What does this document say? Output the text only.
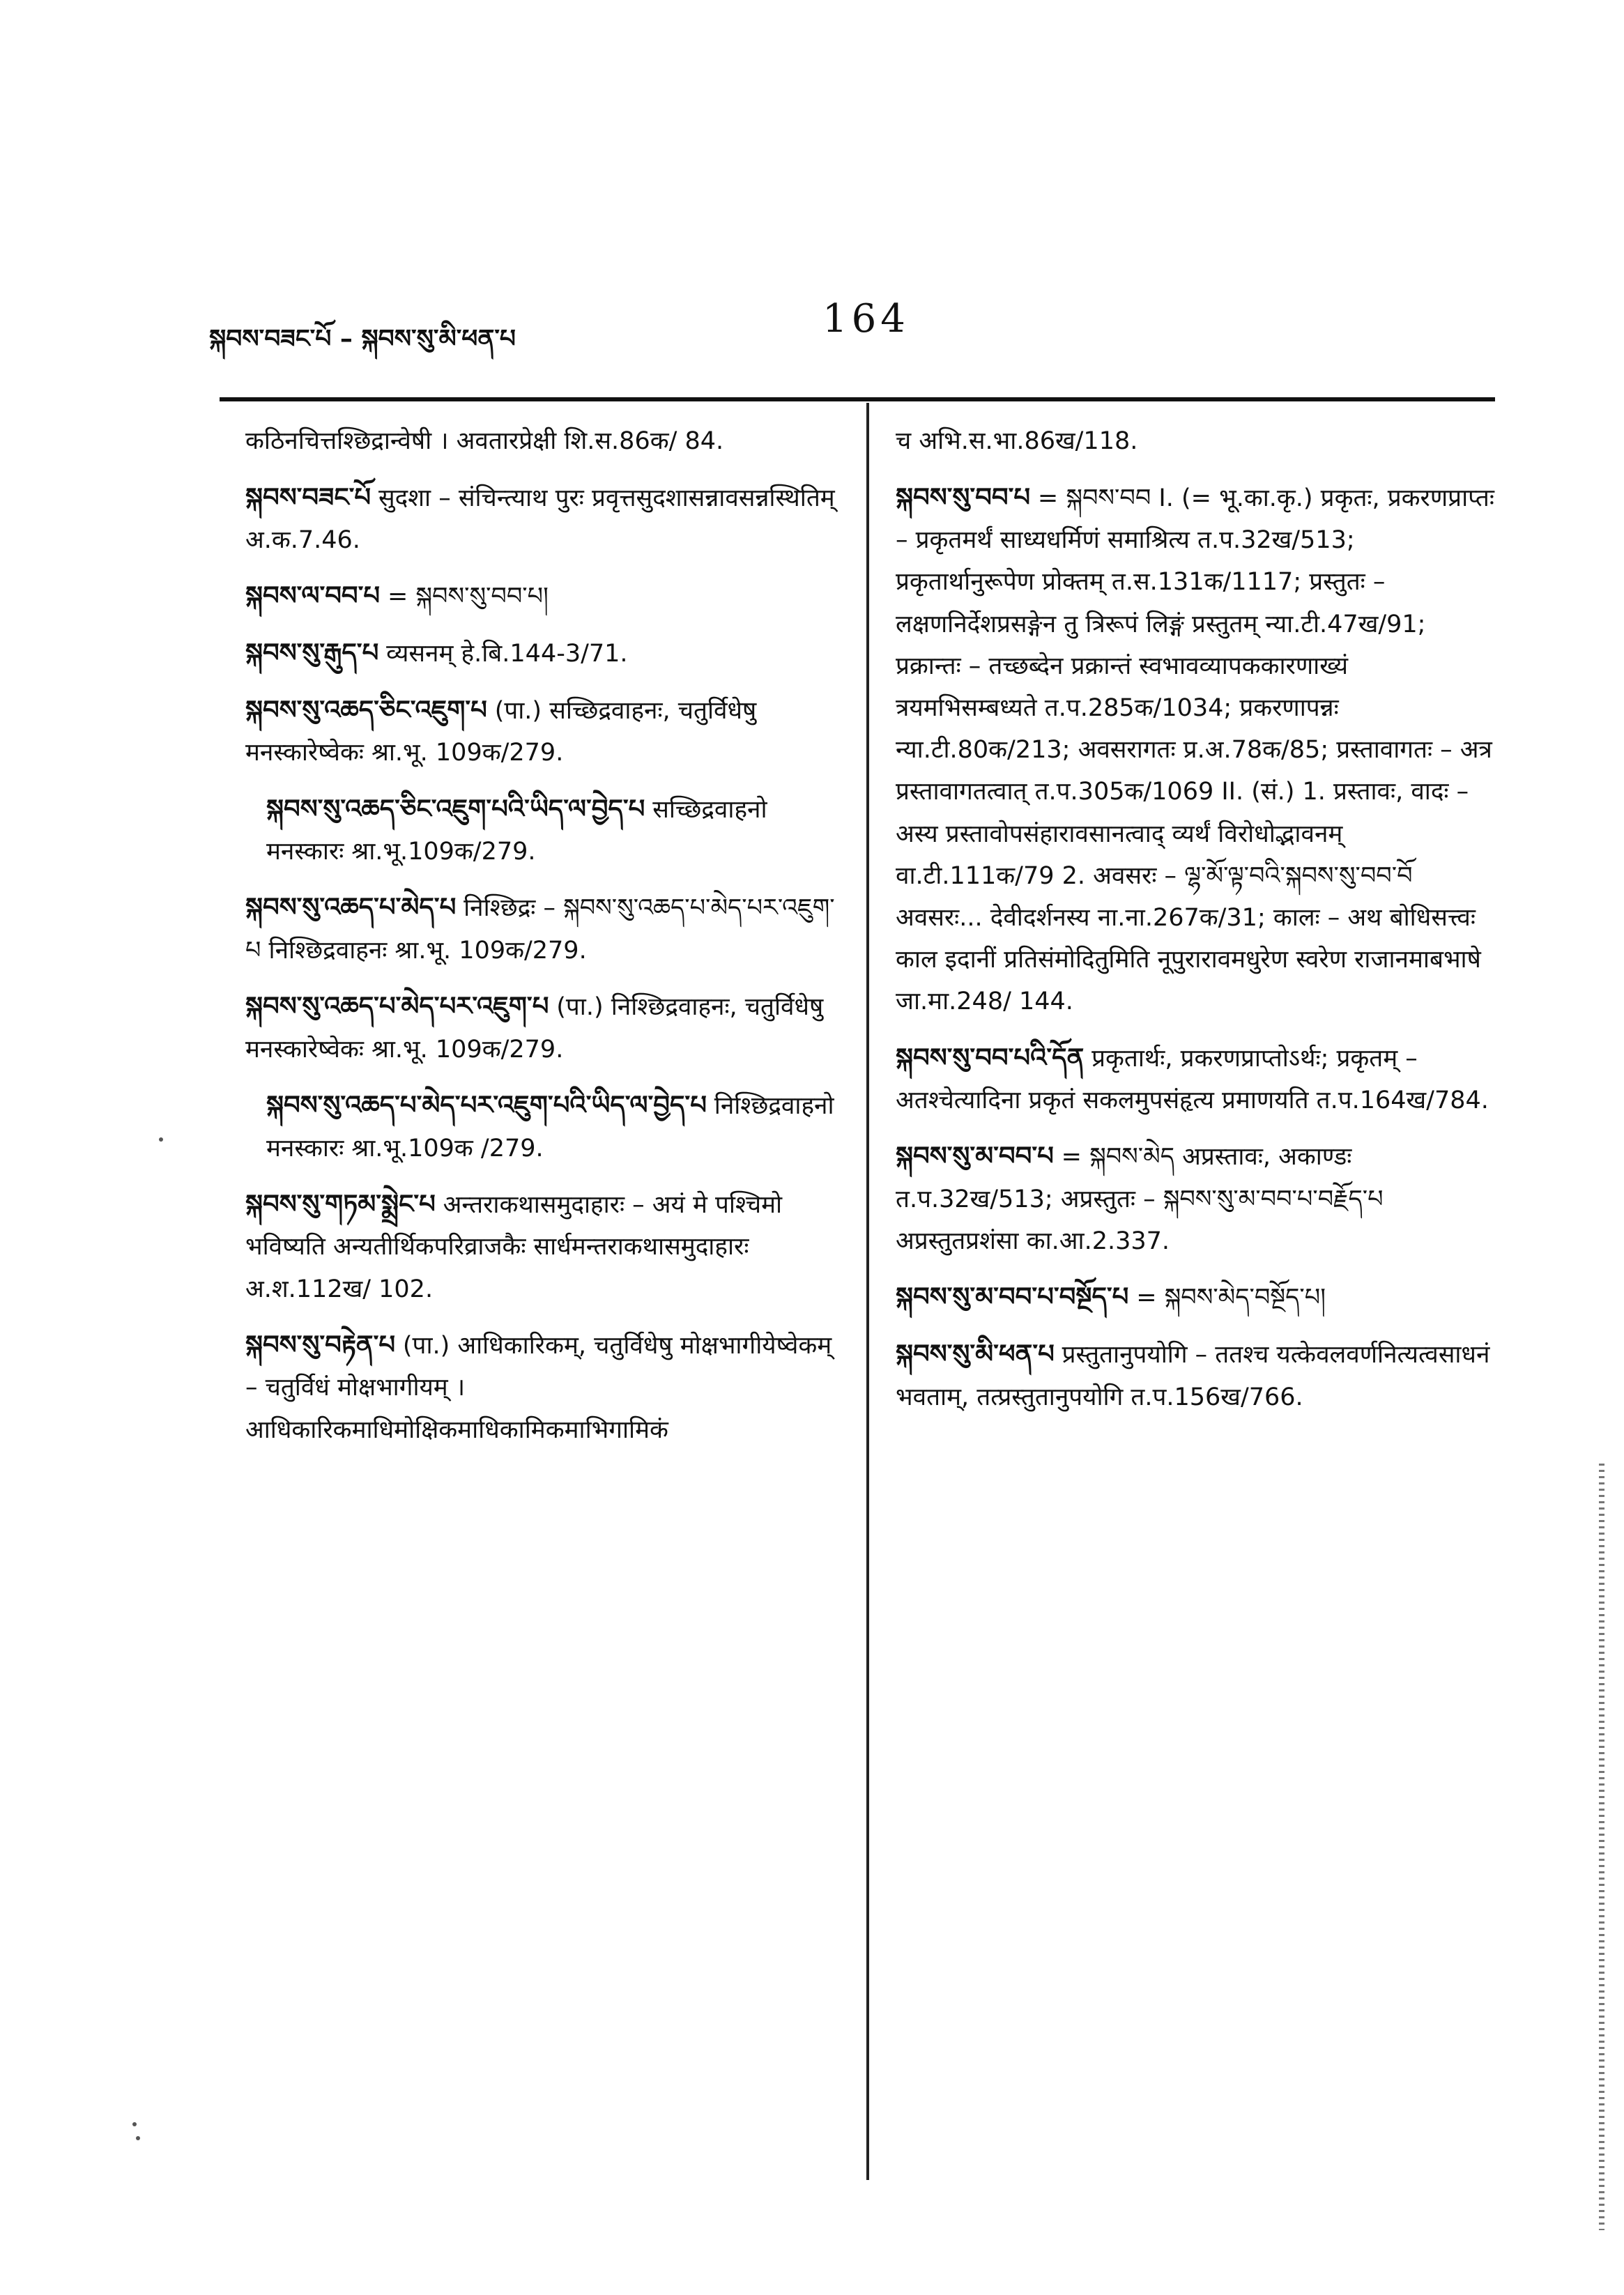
སྐབས་བཟང་པོ – སྐབས་སུ་མི་ཕན་པ	164
कठिनचित्तश्छिद्रान्वेषी । अवतारप्रेक्षी शि.स.86क/ 84.
སྐབས་བཟང་པོ सुदशा – संचिन्त्याथ पुरः प्रवृत्तसुदशासन्नावसन्नस्थितिम् अ.क.7.46.
སྐབས་ལ་བབ་པ = སྐབས་སུ་བབ་པ།
སྐབས་སུ་རྒུད་པ व्यसनम् हे.बि.144-3/71.
སྐབས་སུ་འཆད་ཅིང་འཇུག་པ (पा.) सच्छिद्रवाहनः, चतुर्विधेषु मनस्कारेष्वेकः श्रा.भू. 109क/279.
སྐབས་སུ་འཆད་ཅིང་འཇུག་པའི་ཡིད་ལ་བྱེད་པ सच्छिद्रवाहनो मनस्कारः श्रा.भू.109क/279.
སྐབས་སུ་འཆད་པ་མེད་པ निश्छिद्रः – སྐབས་སུ་འཆད་པ་མེད་པར་འཇུག་པ निश्छिद्रवाहनः श्रा.भू. 109क/279.
སྐབས་སུ་འཆད་པ་མེད་པར་འཇུག་པ (पा.) निश्छिद्रवाहनः, चतुर्विधेषु मनस्कारेष्वेकः श्रा.भू. 109क/279.
སྐབས་སུ་འཆད་པ་མེད་པར་འཇུག་པའི་ཡིད་ལ་བྱེད་པ निश्छिद्रवाहनो मनस्कारः श्रा.भू.109क /279.
སྐབས་སུ་གཏམ་སྨྲེང་པ अन्तराकथासमुदाहारः – अयं मे पश्चिमो भविष्यति अन्यतीर्थिकपरिव्राजकैः सार्धमन्तराकथासमुदाहारः अ.श.112ख/ 102.
སྐབས་སུ་བརྟེན་པ (पा.) आधिकारिकम्, चतुर्विधेषु मोक्षभागीयेष्वेकम् – चतुर्विधं मोक्षभागीयम् । आधिकारिकमाधिमोक्षिकमाधिकामिकमाभिगामिकं
च अभि.स.भा.86ख/118.
སྐབས་སུ་བབ་པ = སྐབས་བབ I. (= भू.का.कृ.) प्रकृतः, प्रकरणप्राप्तः – प्रकृतमर्थं साध्यधर्मिणं समाश्रित्य त.प.32ख/513; प्रकृतार्थानुरूपेण प्रोक्तम् त.स.131क/1117; प्रस्तुतः – लक्षणनिर्देशप्रसङ्गेन तु त्रिरूपं लिङ्गं प्रस्तुतम् न्या.टी.47ख/91; प्रक्रान्तः – तच्छब्देन प्रक्रान्तं स्वभावव्यापककारणाख्यं त्रयमभिसम्बध्यते त.प.285क/1034; प्रकरणापन्नः न्या.टी.80क/213; अवसरागतः प्र.अ.78क/85; प्रस्तावागतः – अत्र प्रस्तावागतत्वात् त.प.305क/1069 II. (सं.) 1. प्रस्तावः, वादः – अस्य प्रस्तावोपसंहारावसानत्वाद् व्यर्थं विरोधोद्भावनम् वा.टी.111क/79 2. अवसरः – ལྷ་མོ་ལྟ་བའི་སྐབས་སུ་བབ་བོ अवसरः... देवीदर्शनस्य ना.ना.267क/31; कालः – अथ बोधिसत्त्वः काल इदानीं प्रतिसंमोदितुमिति नूपुरारावमधुरेण स्वरेण राजानमाबभाषे जा.मा.248/ 144.
སྐབས་སུ་བབ་པའི་དོན प्रकृतार्थः, प्रकरणप्राप्तोऽर्थः; प्रकृतम् – अतश्चेत्यादिना प्रकृतं सकलमुपसंहृत्य प्रमाणयति त.प.164ख/784.
སྐབས་སུ་མ་བབ་པ = སྐབས་མེད अप्रस्तावः, अकाण्डः त.प.32ख/513; अप्रस्तुतः – སྐབས་སུ་མ་བབ་པ་བརྗོད་པ अप्रस्तुतप्रशंसा का.आ.2.337.
སྐབས་སུ་མ་བབ་པ་བསྔོད་པ = སྐབས་མེད་བསྔོད་པ།
སྐབས་སུ་མི་ཕན་པ प्रस्तुतानुपयोगि – ततश्च यत्केवलवर्णनित्यत्वसाधनं भवताम्, तत्प्रस्तुतानुपयोगि त.प.156ख/766.
